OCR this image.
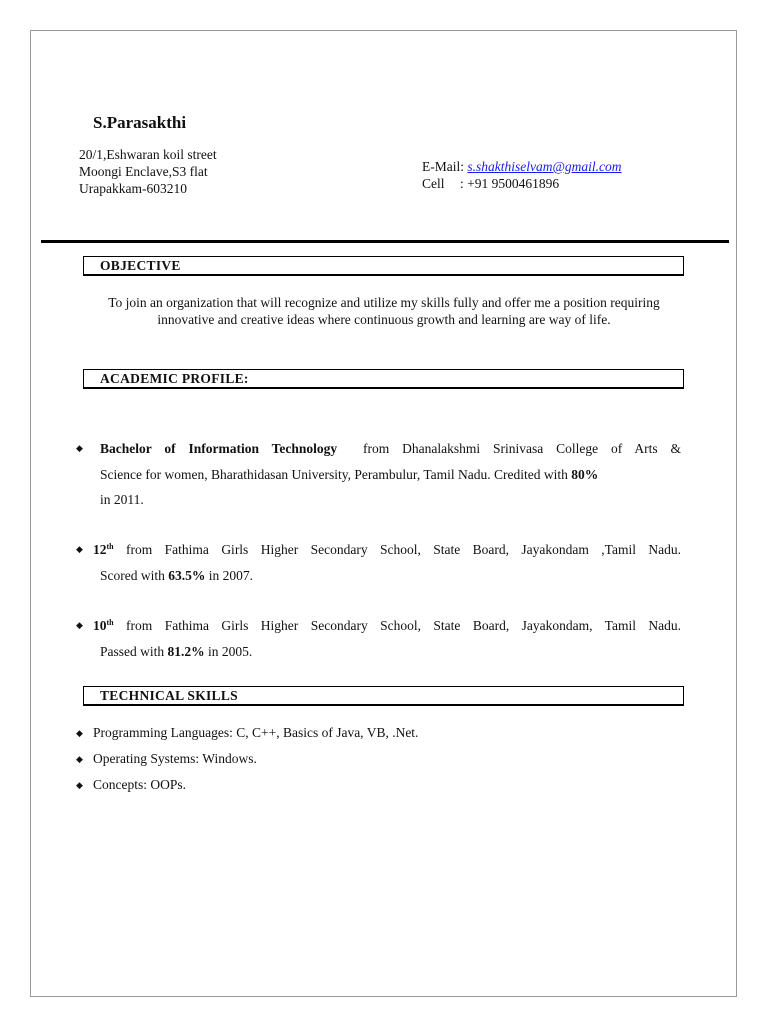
S.Parasakthi
20/1,Eshwaran koil street
Moongi Enclave,S3 flat
Urapakkam-603210
E-Mail: s.shakthiselvam@gmail.com
Cell : +91 9500461896
OBJECTIVE
To join an organization that will recognize and utilize my skills fully and offer me a position requiring innovative and creative ideas where continuous growth and learning are way of life.
ACADEMIC PROFILE:
◆ Bachelor of Information Technology from Dhanalakshmi Srinivasa College of Arts &

Science for women, Bharathidasan University, Perambulur, Tamil Nadu. Credited with 80%

in 2011.

◆ 12th from Fathima Girls Higher Secondary School, State Board, Jayakondam ,Tamil Nadu.

Scored with 63.5% in 2007.

◆ 10th from Fathima Girls Higher Secondary School, State Board, Jayakondam, Tamil Nadu.

Passed with 81.2% in 2005.

TECHNICAL SKILLS
◆ Programming Languages: C, C++, Basics of Java, VB, .Net.
◆ Operating Systems: Windows.
◆ Concepts: OOPs.
